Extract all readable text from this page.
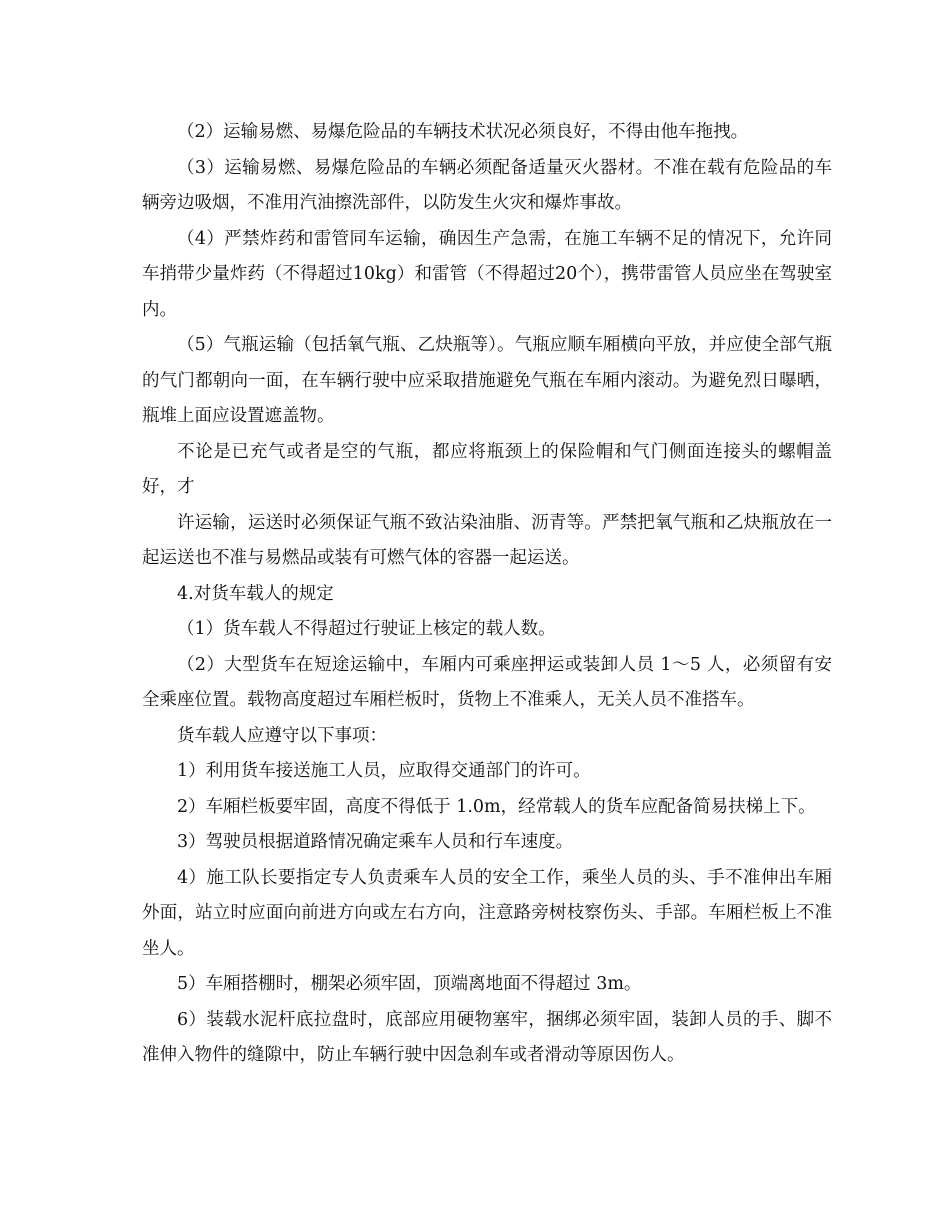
（2）运输易燃、易爆危险品的车辆技术状况必须良好，不得由他车拖拽。

（3）运输易燃、易爆危险品的车辆必须配备适量灭火器材。不准在载有危险品的车辆旁边吸烟，不准用汽油擦洗部件，以防发生火灾和爆炸事故。

（4）严禁炸药和雷管同车运输，确因生产急需，在施工车辆不足的情况下，允许同车捎带少量炸药（不得超过10kg）和雷管（不得超过20个），携带雷管人员应坐在驾驶室内。

（5）气瓶运输（包括氧气瓶、乙炔瓶等）。气瓶应顺车厢横向平放，并应使全部气瓶的气门都朝向一面，在车辆行驶中应采取措施避免气瓶在车厢内滚动。为避免烈日曝晒，瓶堆上面应设置遮盖物。

不论是已充气或者是空的气瓶，都应将瓶颈上的保险帽和气门侧面连接头的螺帽盖好，才

许运输，运送时必须保证气瓶不致沾染油脂、沥青等。严禁把氧气瓶和乙炔瓶放在一起运送也不准与易燃品或装有可燃气体的容器一起运送。

4.对货车载人的规定

（1）货车载人不得超过行驶证上核定的载人数。

（2）大型货车在短途运输中，车厢内可乘座押运或装卸人员 1～5 人，必须留有安全乘座位置。载物高度超过车厢栏板时，货物上不准乘人，无关人员不准搭车。

货车载人应遵守以下事项：

1）利用货车接送施工人员，应取得交通部门的许可。

2）车厢栏板要牢固，高度不得低于 1.0m，经常载人的货车应配备简易扶梯上下。

3）驾驶员根据道路情况确定乘车人员和行车速度。

4）施工队长要指定专人负责乘车人员的安全工作，乘坐人员的头、手不准伸出车厢外面，站立时应面向前进方向或左右方向，注意路旁树枝察伤头、手部。车厢栏板上不准坐人。

5）车厢搭棚时，棚架必须牢固，顶端离地面不得超过 3m。

6）装载水泥杆底拉盘时，底部应用硬物塞牢，捆绑必须牢固，装卸人员的手、脚不准伸入物件的缝隙中，防止车辆行驶中因急刹车或者滑动等原因伤人。
